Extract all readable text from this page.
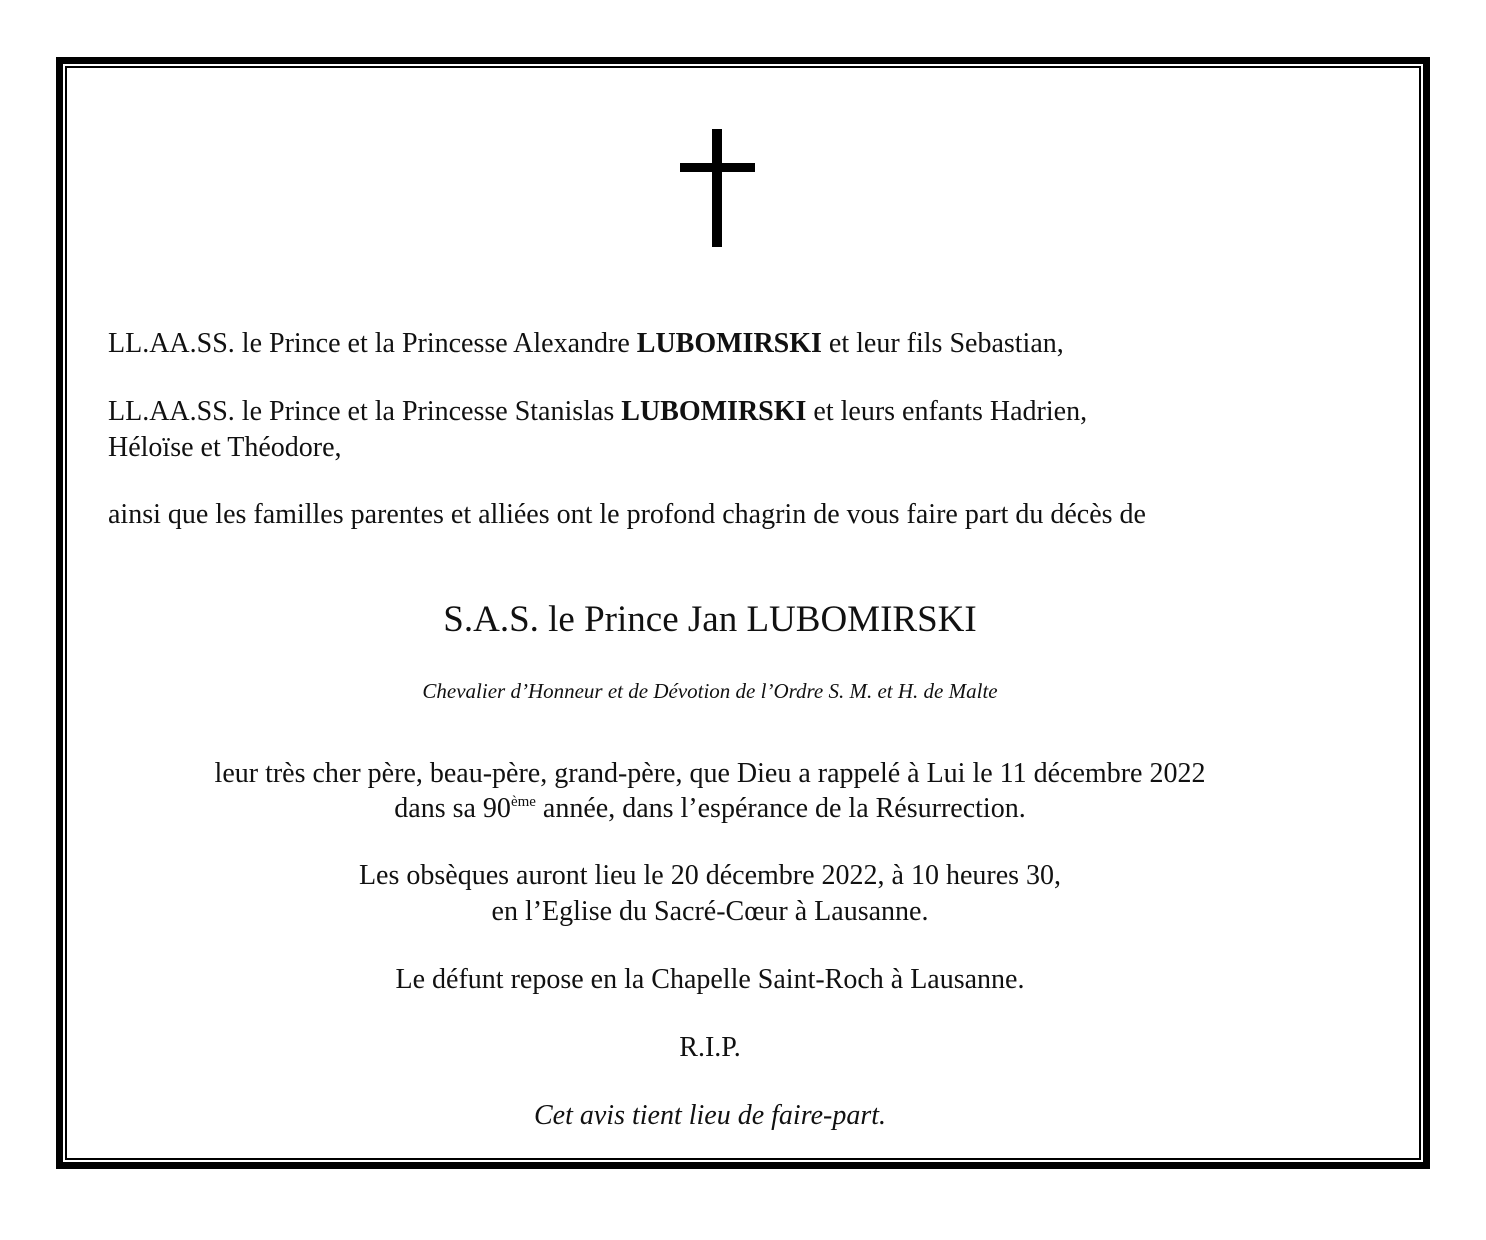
LL.AA.SS. le Prince et la Princesse Alexandre LUBOMIRSKI et leur fils Sebastian,
LL.AA.SS. le Prince et la Princesse Stanislas LUBOMIRSKI et leurs enfants Hadrien,
Héloïse et Théodore,
ainsi que les familles parentes et alliées ont le profond chagrin de vous faire part du décès de
S.A.S. le Prince Jan LUBOMIRSKI
Chevalier d’Honneur et de Dévotion de l’Ordre S. M. et H. de Malte
leur très cher père, beau-père, grand-père, que Dieu a rappelé à Lui le 11 décembre 2022
dans sa 90ème année, dans l’espérance de la Résurrection.
Les obsèques auront lieu le 20 décembre 2022, à 10 heures 30,
en l’Eglise du Sacré-Cœur à Lausanne.
Le défunt repose en la Chapelle Saint-Roch à Lausanne.
R.I.P.
Cet avis tient lieu de faire-part.
